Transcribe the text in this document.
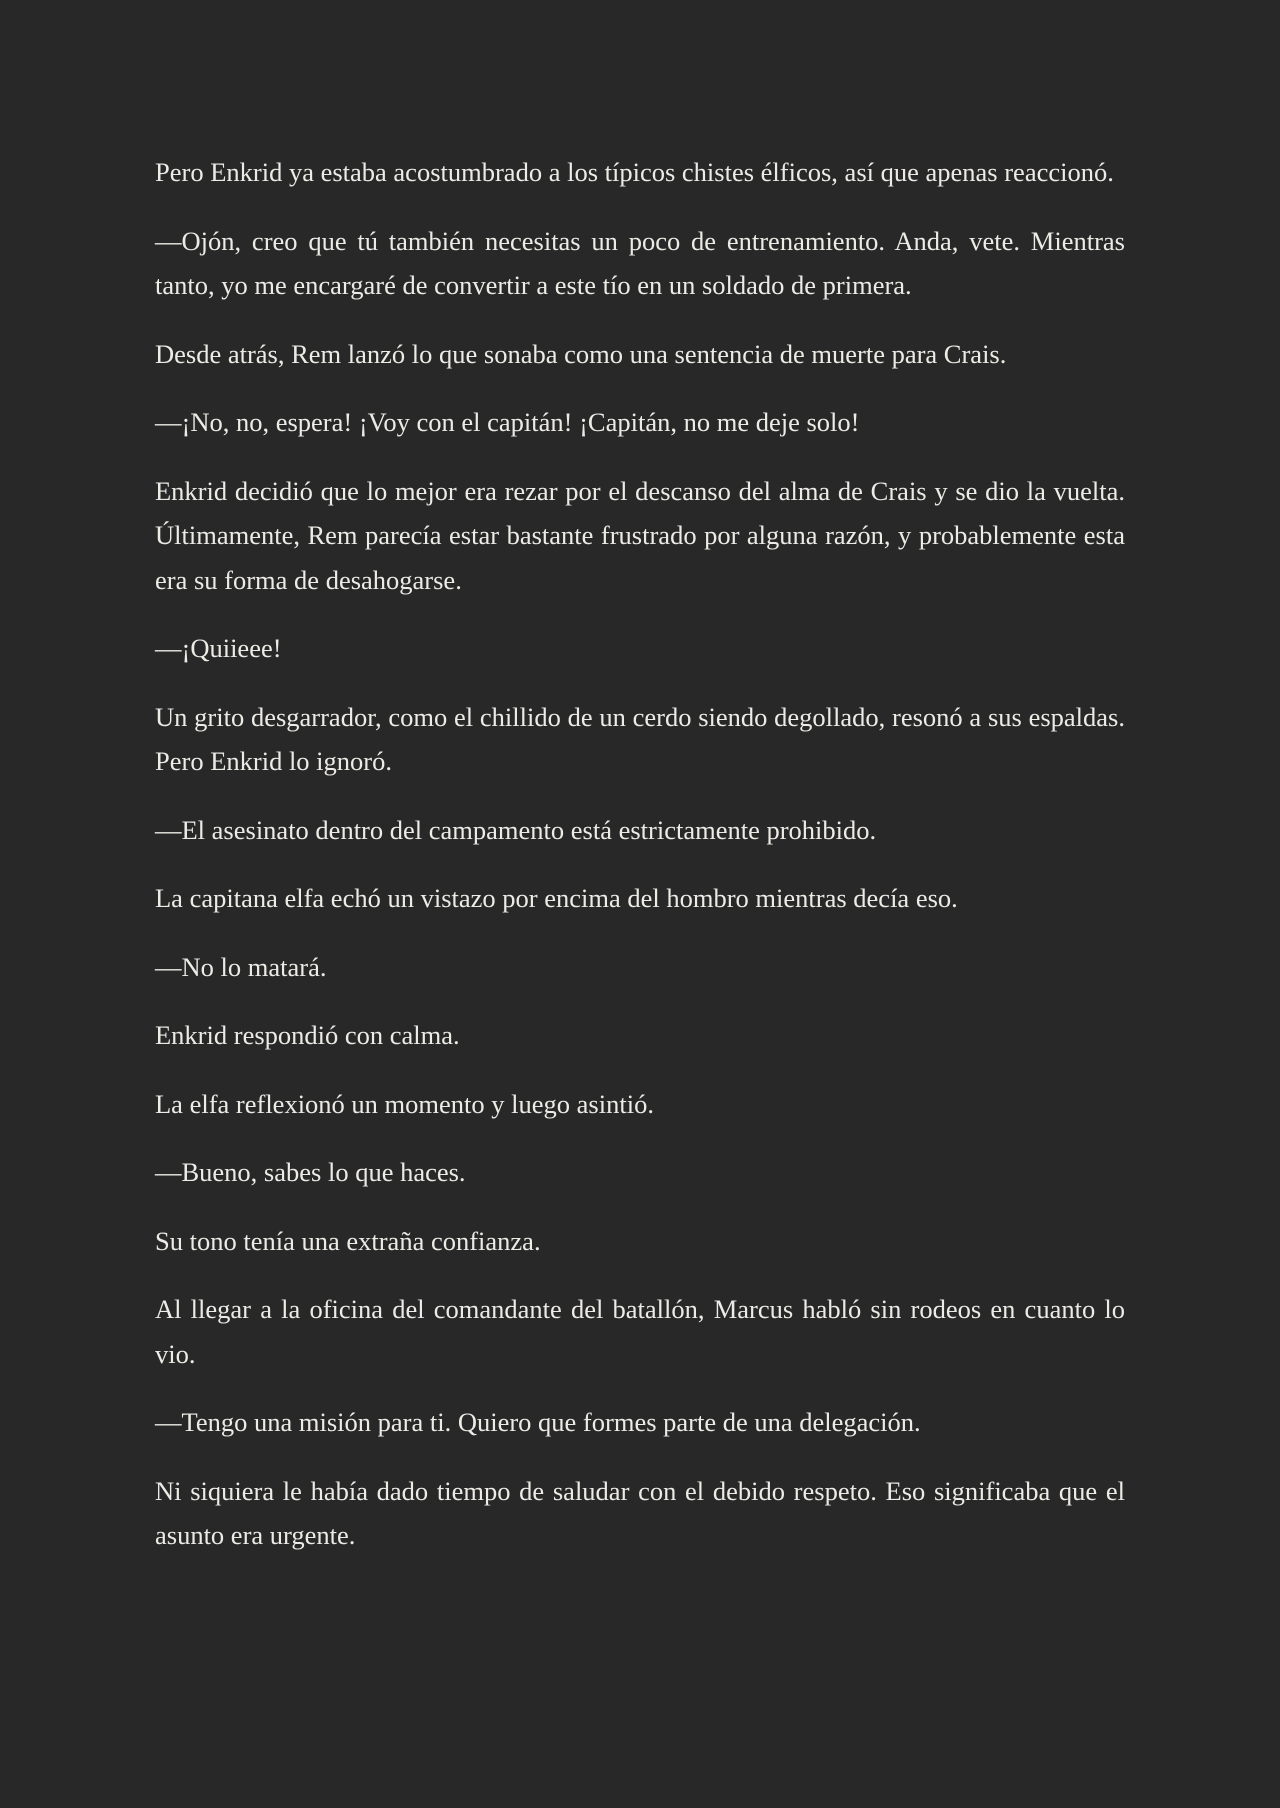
Pero Enkrid ya estaba acostumbrado a los típicos chistes élficos, así que apenas reaccionó.

—Ojón, creo que tú también necesitas un poco de entrenamiento. Anda, vete. Mientras tanto, yo me encargaré de convertir a este tío en un soldado de primera.

Desde atrás, Rem lanzó lo que sonaba como una sentencia de muerte para Crais.

—¡No, no, espera! ¡Voy con el capitán! ¡Capitán, no me deje solo!

Enkrid decidió que lo mejor era rezar por el descanso del alma de Crais y se dio la vuelta. Últimamente, Rem parecía estar bastante frustrado por alguna razón, y probablemente esta era su forma de desahogarse.

—¡Quiieee!

Un grito desgarrador, como el chillido de un cerdo siendo degollado, resonó a sus espaldas. Pero Enkrid lo ignoró.

—El asesinato dentro del campamento está estrictamente prohibido.

La capitana elfa echó un vistazo por encima del hombro mientras decía eso.

—No lo matará.

Enkrid respondió con calma.

La elfa reflexionó un momento y luego asintió.

—Bueno, sabes lo que haces.

Su tono tenía una extraña confianza.

Al llegar a la oficina del comandante del batallón, Marcus habló sin rodeos en cuanto lo vio.

—Tengo una misión para ti. Quiero que formes parte de una delegación.

Ni siquiera le había dado tiempo de saludar con el debido respeto. Eso significaba que el asunto era urgente.
